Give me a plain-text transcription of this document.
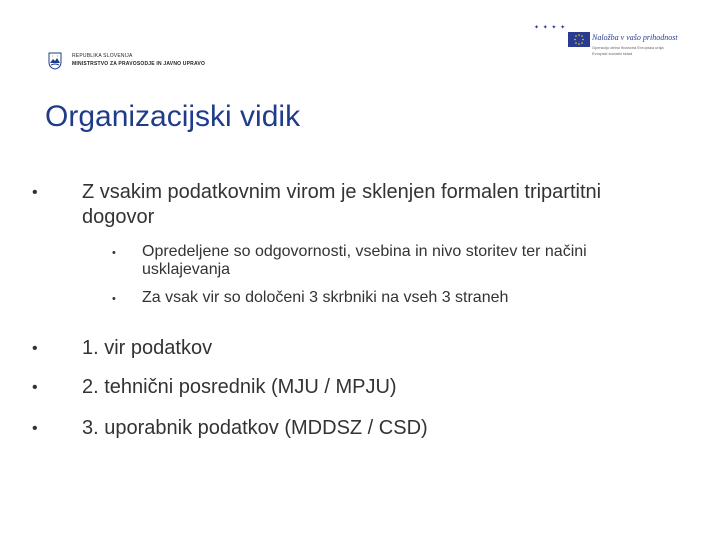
REPUBLIKA SLOVENIJA
MINISTRSTVO ZA PRAVOSODJE IN JAVNO UPRAVO
✦ ✦ ✦ ✦
Naložba v vašo prihodnost
Operacijo delno financira Evropska unija
Evropski socialni sklad
Organizacijski vidik
• Z vsakim podatkovnim virom je sklenjen formalen tripartitni dogovor
• Opredeljene so odgovornosti, vsebina in nivo storitev ter načini usklajevanja
• Za vsak vir so določeni 3 skrbniki na vseh 3 straneh
• 1. vir podatkov
• 2. tehnični posrednik (MJU / MPJU)
• 3. uporabnik podatkov (MDDSZ / CSD)
